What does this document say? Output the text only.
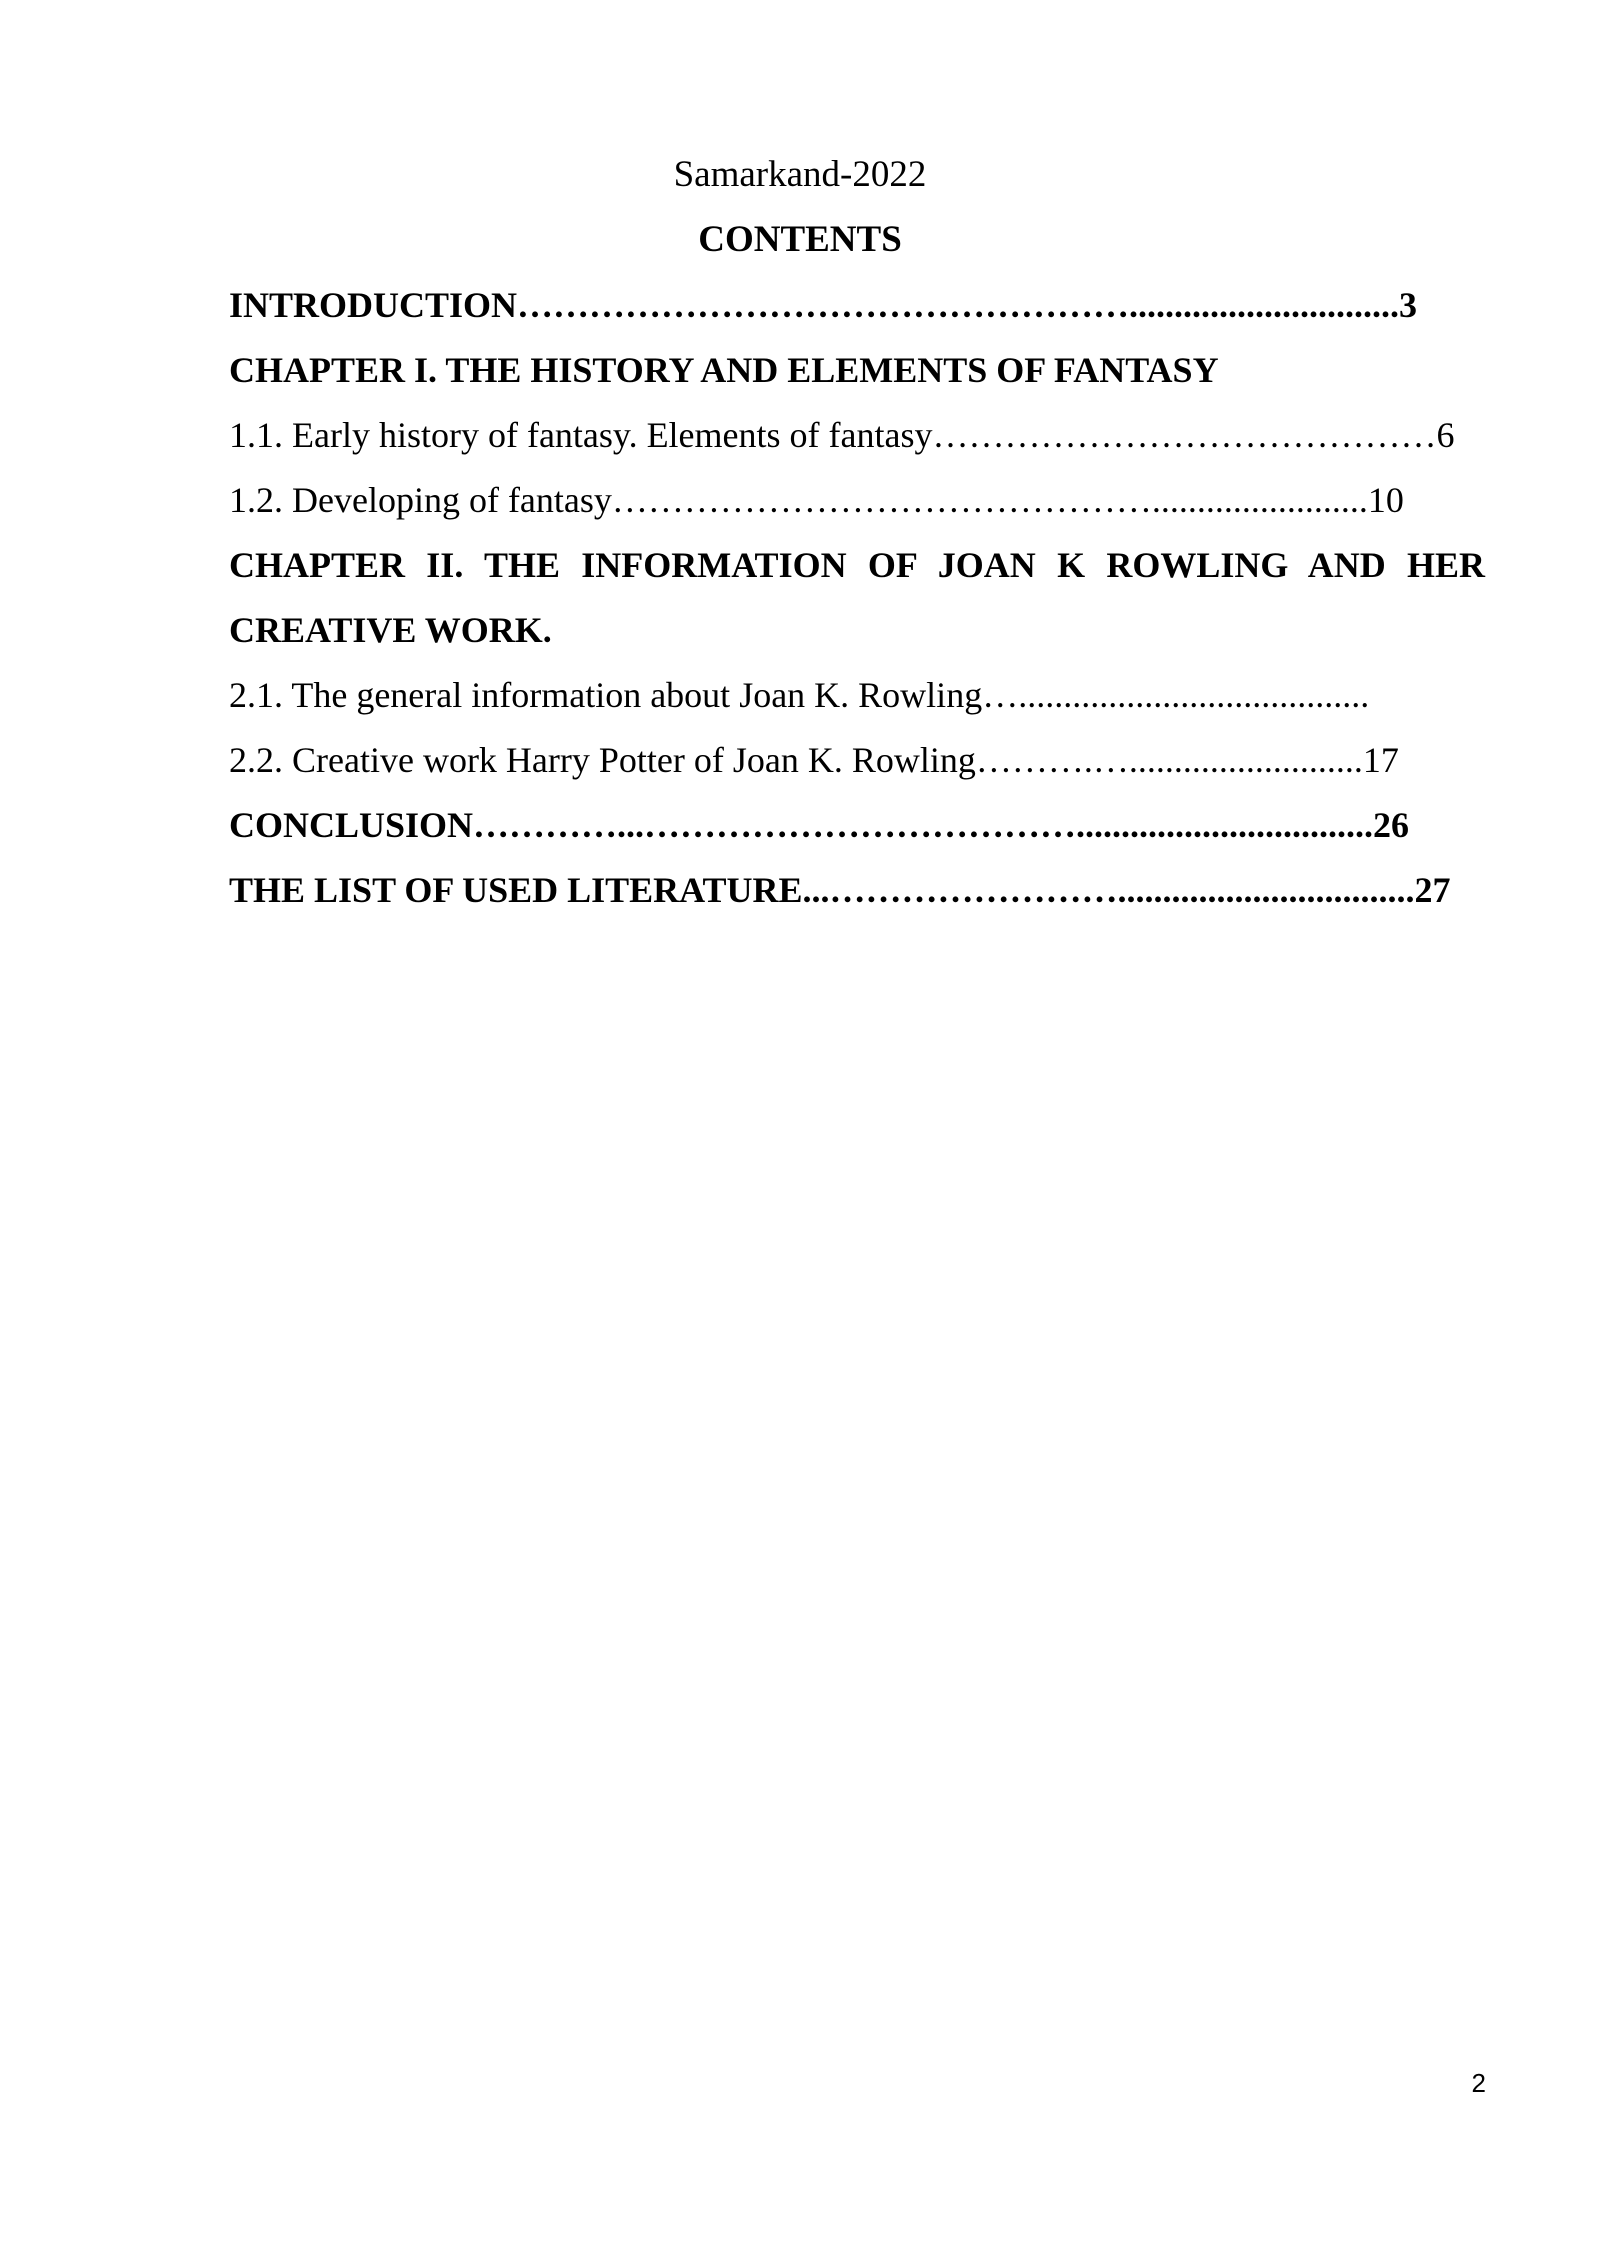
Samarkand-2022
CONTENTS
INTRODUCTION……………………………………………..............................3
CHAPTER I. THE HISTORY AND ELEMENTS OF FANTASY
1.1. Early history of fantasy. Elements of fantasy……………………………………6
1.2. Developing of fantasy………………………………………........................10
CHAPTER II. THE INFORMATION OF JOAN K ROWLING AND HER
CREATIVE WORK.
2.1. The general information about Joan K. Rowling….......................................
2.2. Creative work Harry Potter of Joan K. Rowling……….…..........................17
CONCLUSION…………...……………………………….................................26
THE LIST OF USED LITERATURE...…………………….................................27
2
